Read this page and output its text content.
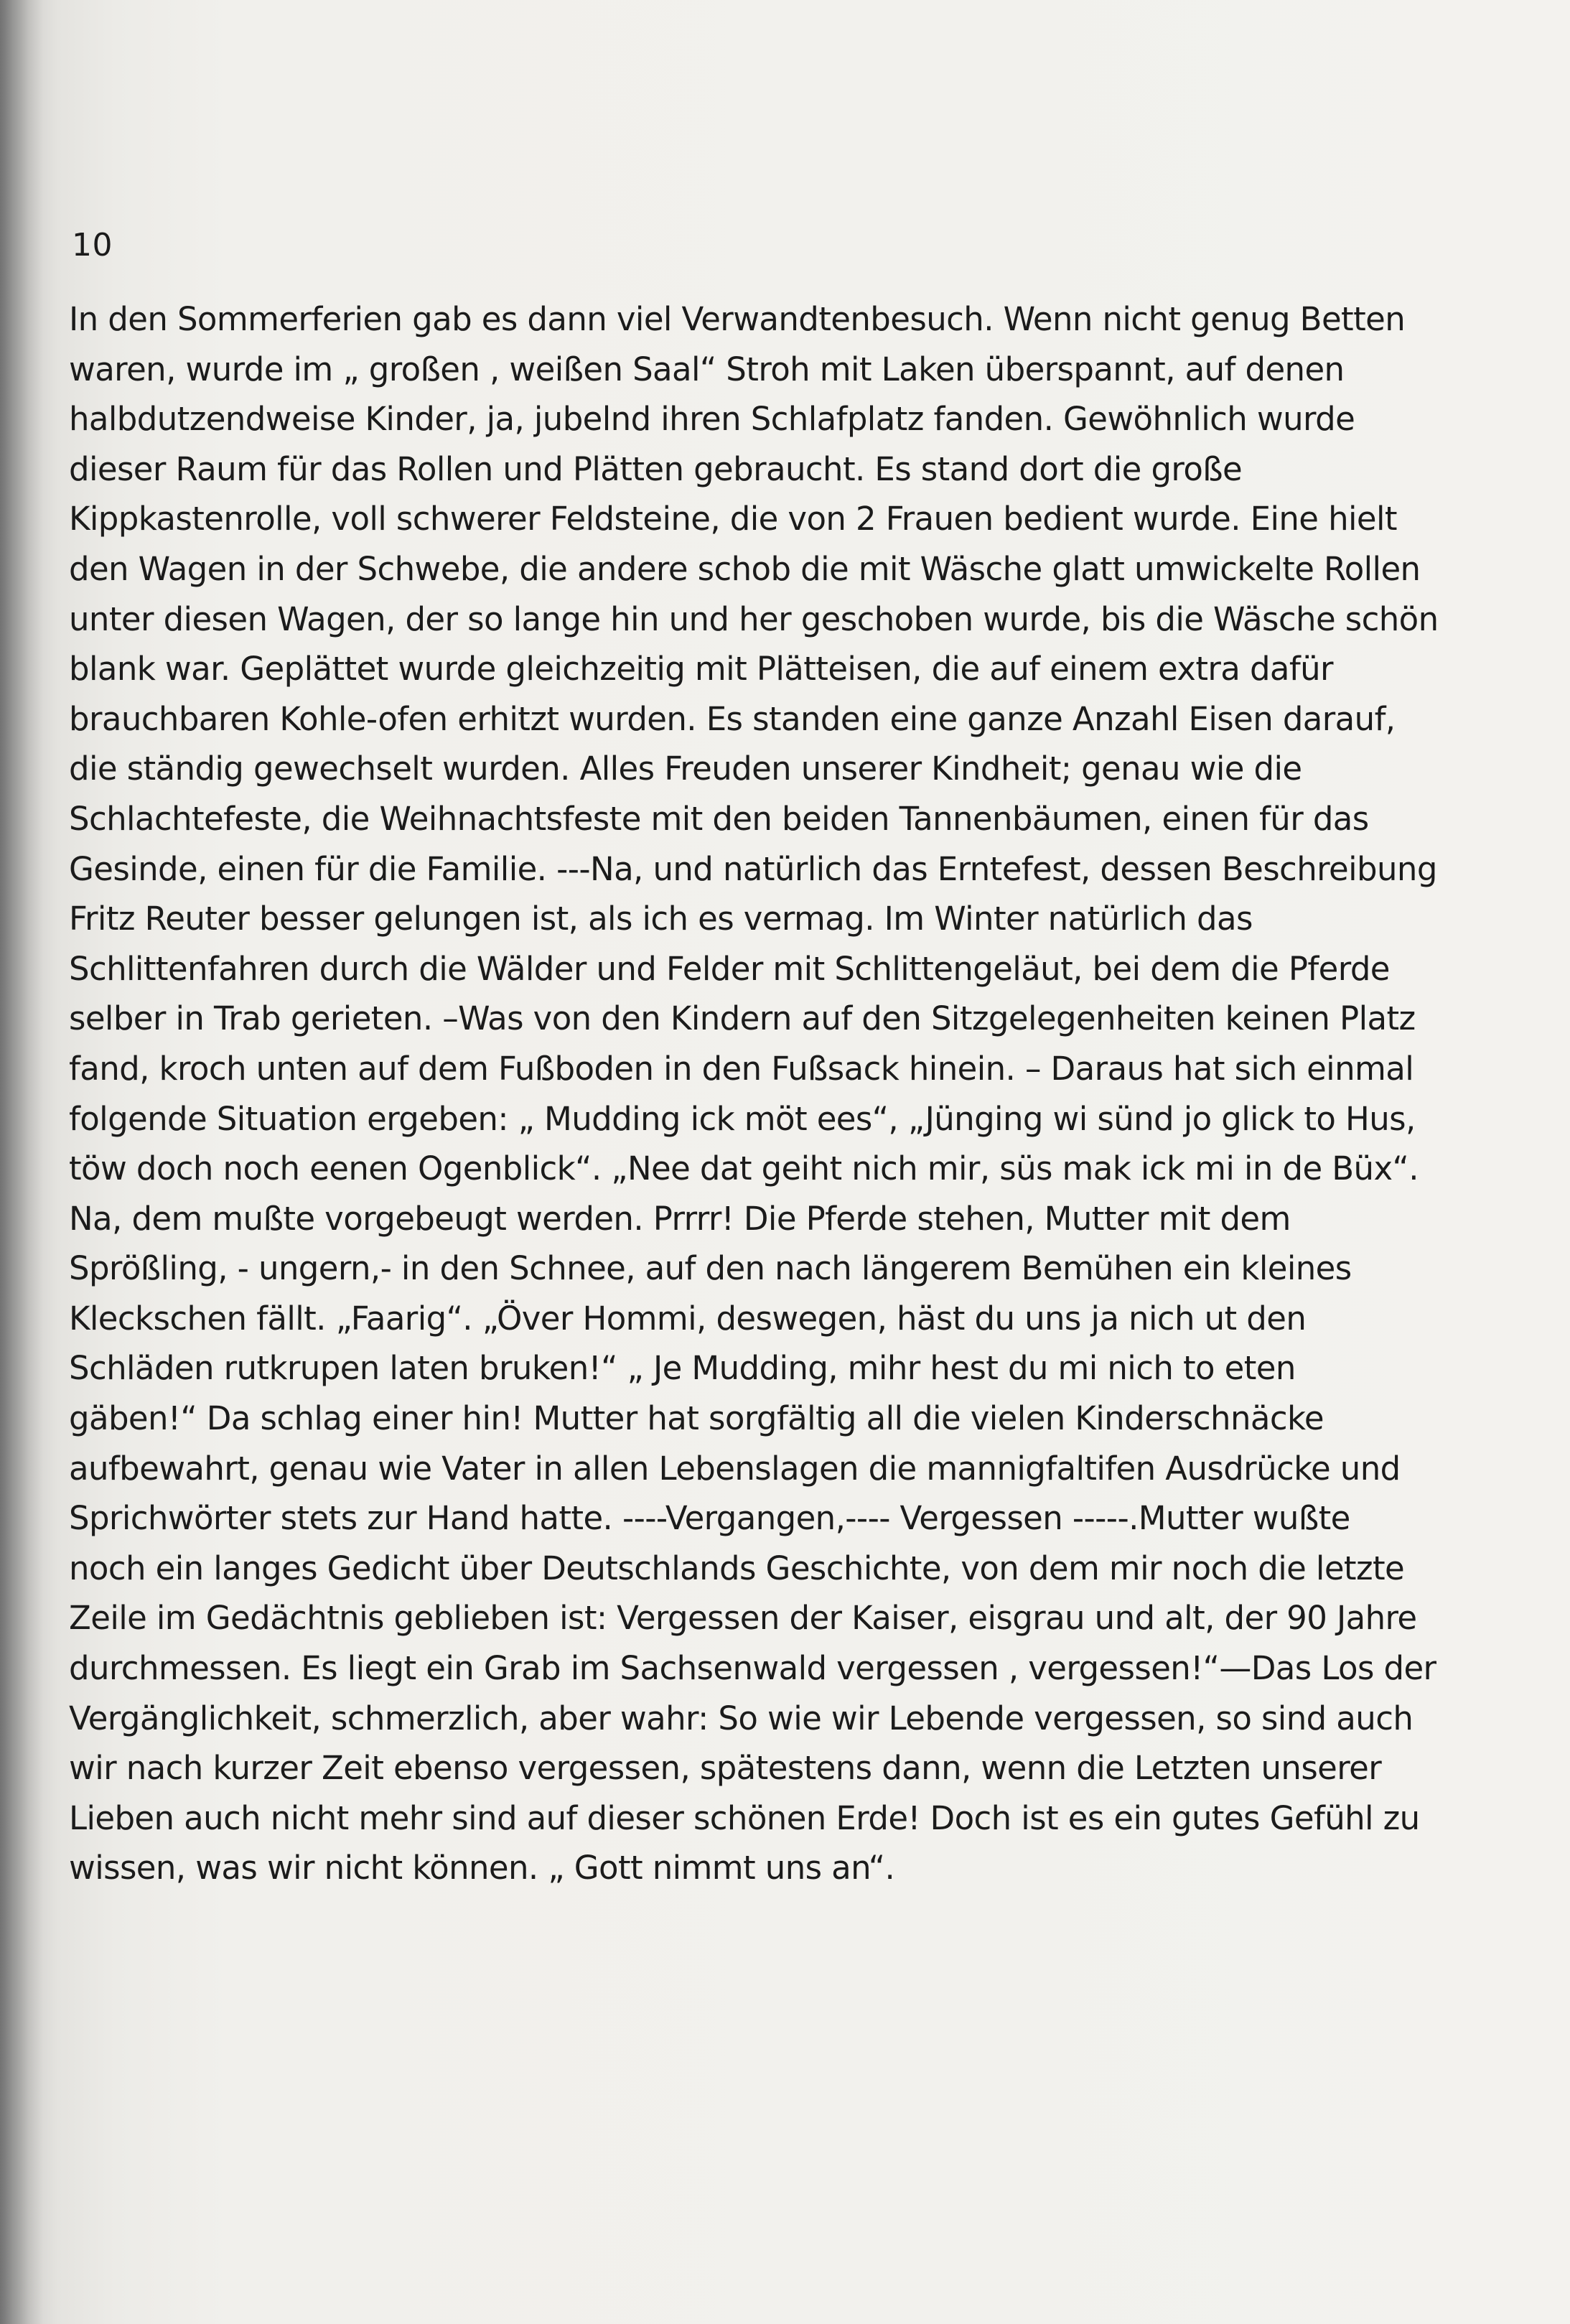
10
In den Sommerferien gab es dann viel Verwandtenbesuch. Wenn nicht genug Betten
waren, wurde im „ großen , weißen Saal“ Stroh mit Laken überspannt, auf denen
halbdutzendweise Kinder, ja, jubelnd ihren Schlafplatz fanden. Gewöhnlich wurde
dieser Raum für das Rollen und Plätten gebraucht. Es stand dort die große
Kippkastenrolle, voll schwerer Feldsteine, die von 2 Frauen bedient wurde. Eine hielt
den Wagen in der Schwebe, die andere schob die mit Wäsche glatt umwickelte Rollen
unter diesen Wagen, der so lange hin und her geschoben wurde, bis die Wäsche schön
blank war. Geplättet wurde gleichzeitig mit Plätteisen, die auf einem extra dafür
brauchbaren Kohle-ofen erhitzt wurden. Es standen eine ganze Anzahl Eisen darauf,
die ständig gewechselt wurden. Alles Freuden unserer Kindheit; genau wie die
Schlachtefeste, die Weihnachtsfeste mit den beiden Tannenbäumen, einen für das
Gesinde, einen für die Familie. ---Na, und natürlich das Erntefest, dessen Beschreibung
Fritz Reuter besser gelungen ist, als ich es vermag. Im Winter natürlich das
Schlittenfahren durch die Wälder und Felder mit Schlittengeläut, bei dem die Pferde
selber in Trab gerieten. –Was von den Kindern auf den Sitzgelegenheiten keinen Platz
fand, kroch unten auf dem Fußboden in den Fußsack hinein. – Daraus hat sich einmal
folgende Situation ergeben: „ Mudding ick möt ees“, „Jünging wi sünd jo glick to Hus,
töw doch noch eenen Ogenblick“. „Nee dat geiht nich mir, süs mak ick mi in de Büx“.
Na, dem mußte vorgebeugt werden. Prrrr! Die Pferde stehen, Mutter mit dem
Sprößling, - ungern,- in den Schnee, auf den nach längerem Bemühen ein kleines
Kleckschen fällt. „Faarig“. „Över Hommi, deswegen, häst du uns ja nich ut den
Schläden rutkrupen laten bruken!“ „ Je Mudding, mihr hest du mi nich to eten
gäben!“ Da schlag einer hin! Mutter hat sorgfältig all die vielen Kinderschnäcke
aufbewahrt, genau wie Vater in allen Lebenslagen die mannigfaltifen Ausdrücke und
Sprichwörter stets zur Hand hatte. ----Vergangen,---- Vergessen -----.Mutter wußte
noch ein langes Gedicht über Deutschlands Geschichte, von dem mir noch die letzte
Zeile im Gedächtnis geblieben ist: Vergessen der Kaiser, eisgrau und alt, der 90 Jahre
durchmessen. Es liegt ein Grab im Sachsenwald vergessen , vergessen!“—Das Los der
Vergänglichkeit, schmerzlich, aber wahr: So wie wir Lebende vergessen, so sind auch
wir nach kurzer Zeit ebenso vergessen, spätestens dann, wenn die Letzten unserer
Lieben auch nicht mehr sind auf dieser schönen Erde! Doch ist es ein gutes Gefühl zu
wissen, was wir nicht können. „ Gott nimmt uns an“.
